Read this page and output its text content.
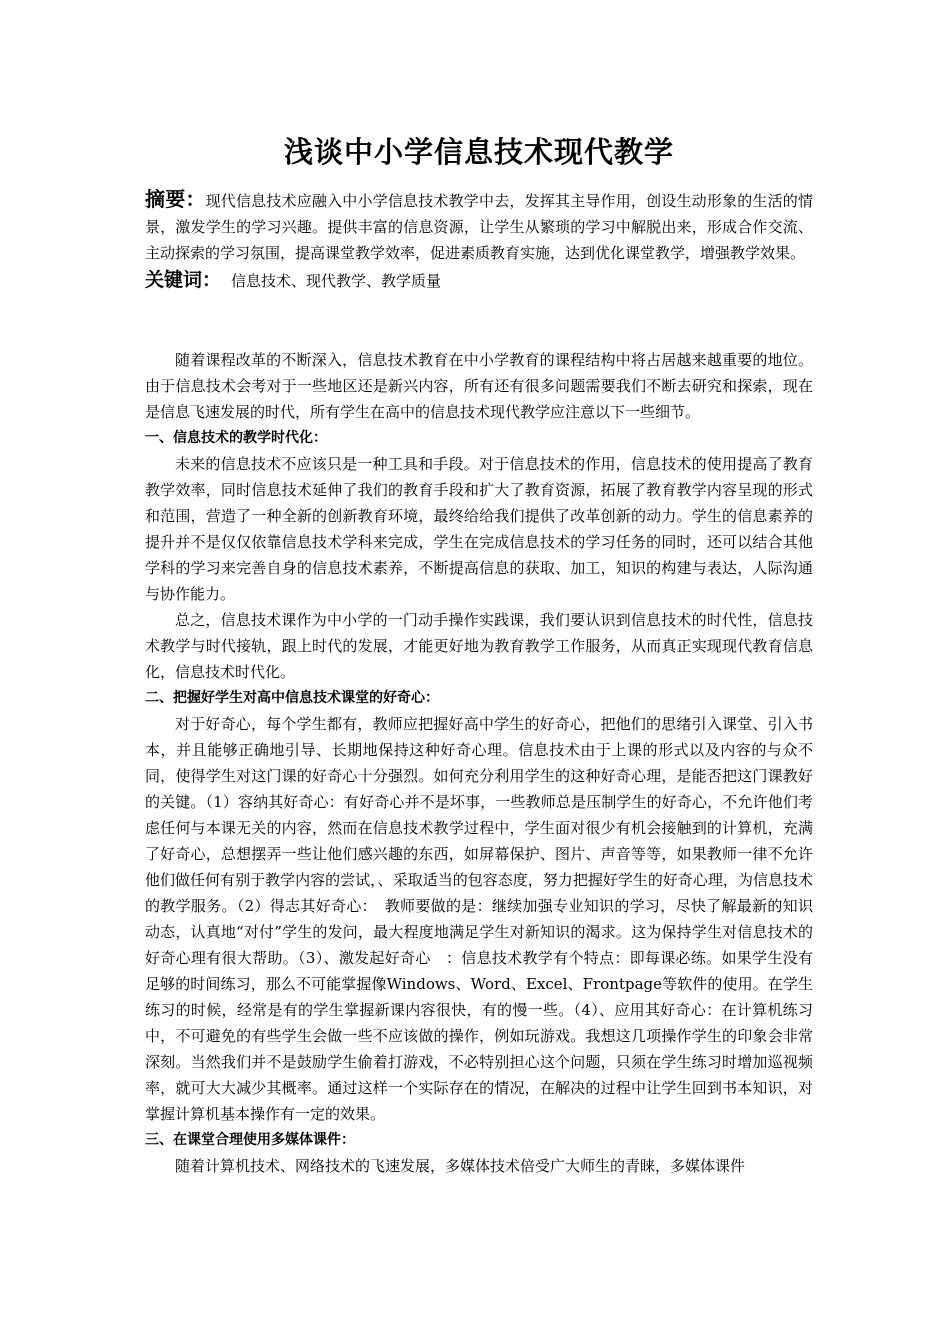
浅谈中小学信息技术现代教学

摘要：现代信息技术应融入中小学信息技术教学中去，发挥其主导作用，创设生动形象的生活的情景，激发学生的学习兴趣。提供丰富的信息资源，让学生从繁琐的学习中解脱出来，形成合作交流、主动探索的学习氛围，提高课堂教学效率，促进素质教育实施，达到优化课堂教学，增强教学效果。

关键词： 信息技术、现代教学、教学质量

随着课程改革的不断深入，信息技术教育在中小学教育的课程结构中将占居越来越重要的地位。由于信息技术会考对于一些地区还是新兴内容，所有还有很多问题需要我们不断去研究和探索，现在是信息飞速发展的时代，所有学生在高中的信息技术现代教学应注意以下一些细节。

一、信息技术的教学时代化：

未来的信息技术不应该只是一种工具和手段。对于信息技术的作用，信息技术的使用提高了教育教学效率，同时信息技术延伸了我们的教育手段和扩大了教育资源，拓展了教育教学内容呈现的形式和范围，营造了一种全新的创新教育环境，最终给给我们提供了改革创新的动力。学生的信息素养的提升并不是仅仅依靠信息技术学科来完成，学生在完成信息技术的学习任务的同时，还可以结合其他学科的学习来完善自身的信息技术素养，不断提高信息的获取、加工，知识的构建与表达，人际沟通与协作能力。

总之，信息技术课作为中小学的一门动手操作实践课，我们要认识到信息技术的时代性，信息技术教学与时代接轨，跟上时代的发展，才能更好地为教育教学工作服务，从而真正实现现代教育信息化，信息技术时代化。

二、把握好学生对高中信息技术课堂的好奇心：

对于好奇心，每个学生都有，教师应把握好高中学生的好奇心，把他们的思绪引入课堂、引入书本，并且能够正确地引导、长期地保持这种好奇心理。信息技术由于上课的形式以及内容的与众不同，使得学生对这门课的好奇心十分强烈。如何充分利用学生的这种好奇心理，是能否把这门课教好的关键。（1）容纳其好奇心：有好奇心并不是坏事，一些教师总是压制学生的好奇心，不允许他们考虑任何与本课无关的内容，然而在信息技术教学过程中，学生面对很少有机会接触到的计算机，充满了好奇心，总想摆弄一些让他们感兴趣的东西，如屏幕保护、图片、声音等等，如果教师一律不允许他们做任何有别于教学内容的尝试，、采取适当的包容态度，努力把握好学生的好奇心理，为信息技术的教学服务。（2）得志其好奇心：　教师要做的是：继续加强专业知识的学习，尽快了解最新的知识动态，认真地“对付”学生的发问，最大程度地满足学生对新知识的渴求。这为保持学生对信息技术的好奇心理有很大帮助。（3）、激发起好奇心　：信息技术教学有个特点：即每课必练。如果学生没有足够的时间练习，那么不可能掌握像Windows、Word、Excel、Frontpage等软件的使用。在学生练习的时候，经常是有的学生掌握新课内容很快，有的慢一些。（4）、应用其好奇心：在计算机练习中，不可避免的有些学生会做一些不应该做的操作，例如玩游戏。我想这几项操作学生的印象会非常深刻。当然我们并不是鼓励学生偷着打游戏，不必特别担心这个问题，只须在学生练习时增加巡视频率，就可大大减少其概率。通过这样一个实际存在的情况，在解决的过程中让学生回到书本知识，对掌握计算机基本操作有一定的效果。

三、在课堂合理使用多媒体课件：

随着计算机技术、网络技术的飞速发展，多媒体技术倍受广大师生的青睐，多媒体课件
